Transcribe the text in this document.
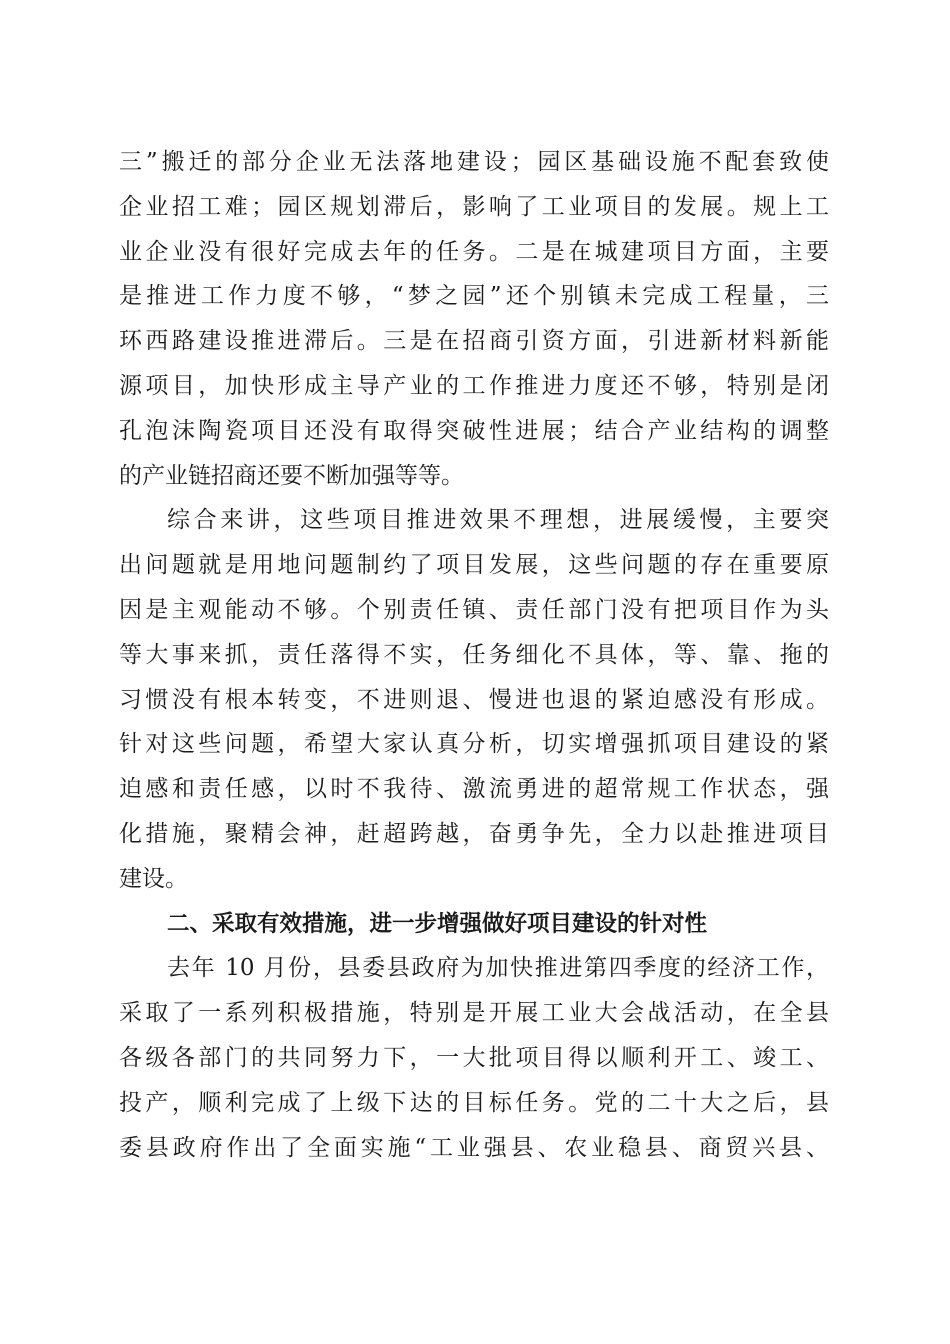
三”搬迁的部分企业无法落地建设；园区基础设施不配套致使
企业招工难；园区规划滞后，影响了工业项目的发展。规上工
业企业没有很好完成去年的任务。二是在城建项目方面，主要
是推进工作力度不够，“梦之园”还个别镇未完成工程量，三
环西路建设推进滞后。三是在招商引资方面，引进新材料新能
源项目，加快形成主导产业的工作推进力度还不够，特别是闭
孔泡沫陶瓷项目还没有取得突破性进展；结合产业结构的调整
的产业链招商还要不断加强等等。
综合来讲，这些项目推进效果不理想，进展缓慢，主要突
出问题就是用地问题制约了项目发展，这些问题的存在重要原
因是主观能动不够。个别责任镇、责任部门没有把项目作为头
等大事来抓，责任落得不实，任务细化不具体，等、靠、拖的
习惯没有根本转变，不进则退、慢进也退的紧迫感没有形成。
针对这些问题，希望大家认真分析，切实增强抓项目建设的紧
迫感和责任感，以时不我待、激流勇进的超常规工作状态，强
化措施，聚精会神，赶超跨越，奋勇争先，全力以赴推进项目
建设。
二、采取有效措施，进一步增强做好项目建设的针对性
去年 10 月份，县委县政府为加快推进第四季度的经济工作，
采取了一系列积极措施，特别是开展工业大会战活动，在全县
各级各部门的共同努力下，一大批项目得以顺利开工、竣工、
投产，顺利完成了上级下达的目标任务。党的二十大之后，县
委县政府作出了全面实施“工业强县、农业稳县、商贸兴县、
